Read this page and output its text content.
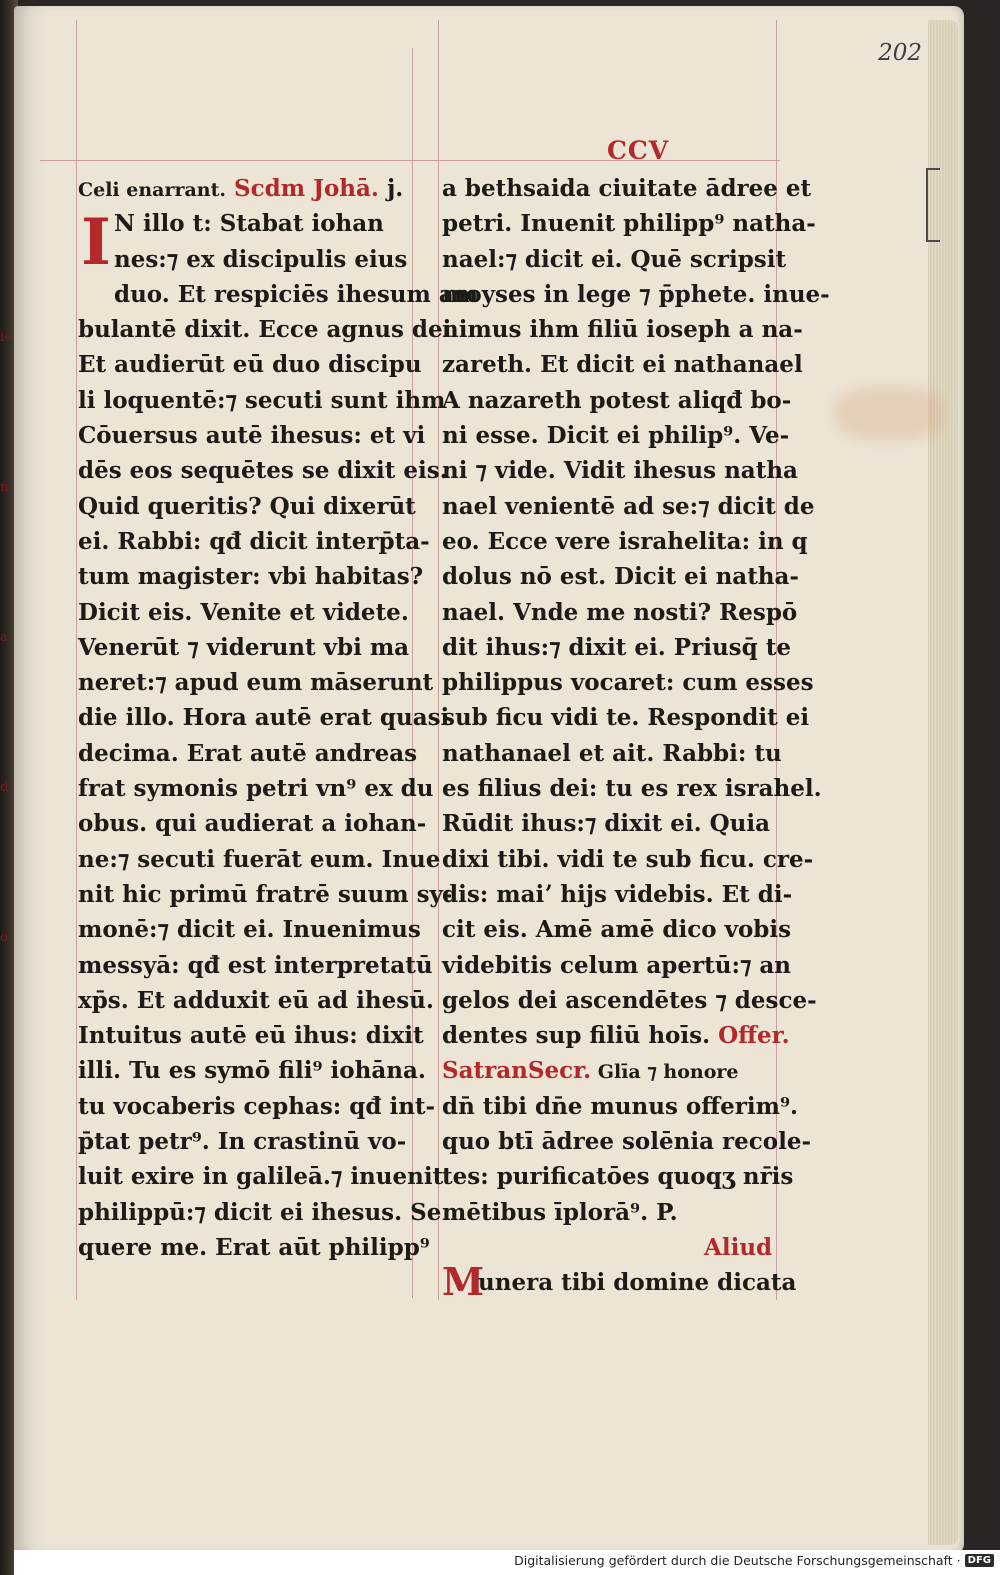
202
CCV
Celi enarrant. Scdm Johā. j.
I N illo t: Stabat iohan
nes:⁊ ex discipulis eius
duo. Et respiciēs ihesum am
bulantē dixit. Ecce agnus dei
Et audierūt eū duo discipu
li loquentē:⁊ secuti sunt ihm
Cōuersus autē ihesus: et vi
dēs eos sequētes se dixit eis.
Quid queritis? Qui dixerūt
ei. Rabbi: qđ dicit interp̄ta-
tum magister: vbi habitas?
Dicit eis. Venite et videte.
Venerūt ⁊ viderunt vbi ma
neret:⁊ apud eum māserunt
die illo. Hora autē erat quasi
decima. Erat autē andreas
frat symonis petri vn⁹ ex du
obus. qui audierat a iohan-
ne:⁊ secuti fuerāt eum. Inue
nit hic primū fratrē suum sy-
monē:⁊ dicit ei. Inuenimus
messyā: qđ est interpretatū
xp̄s. Et adduxit eū ad ihesū.
Intuitus autē eū ihus: dixit
illi. Tu es symō fili⁹ iohāna.
tu vocaberis cephas: qđ int-
p̄tat petr⁹. In crastinū vo-
luit exire in galileā.⁊ inuenit
philippū:⁊ dicit ei ihesus. Se
quere me. Erat aūt philipp⁹
a bethsaida ciuitate ādree et
petri. Inuenit philipp⁹ natha-
nael:⁊ dicit ei. Quē scripsit
moyses in lege ⁊ p̄phete. inue-
nimus ihm filiū ioseph a na-
zareth. Et dicit ei nathanael
A nazareth potest aliqđ bo-
ni esse. Dicit ei philip⁹. Ve-
ni ⁊ vide. Vidit ihesus natha
nael venientē ad se:⁊ dicit de
eo. Ecce vere israhelita: in q
dolus nō est. Dicit ei natha-
nael. Vnde me nosti? Respō
dit ihus:⁊ dixit ei. Priusq̄ te
philippus vocaret: cum esses
sub ficu vidi te. Respondit ei
nathanael et ait. Rabbi: tu
es filius dei: tu es rex israhel.
Rūdit ihus:⁊ dixit ei. Quia
dixi tibi. vidi te sub ficu. cre-
dis: maiʼ hijs videbis. Et di-
cit eis. Amē amē dico vobis
videbitis celum apertū:⁊ an
gelos dei ascendētes ⁊ desce-
dentes sup filiū hoīs. Offer.
SatranSecr. Glīa ⁊ honore
dn̄ tibi dn̄e munus offerim⁹.
quo btī ādree solēnia recole-
tes: purificatōes quoqʒ nr̄is
mētibus īplorā⁹. P.
Aliud
M
unera tibi domine dicata
ie
n
a
d
o
Digitalisierung gefördert durch die Deutsche Forschungsgemeinschaft · DFG
